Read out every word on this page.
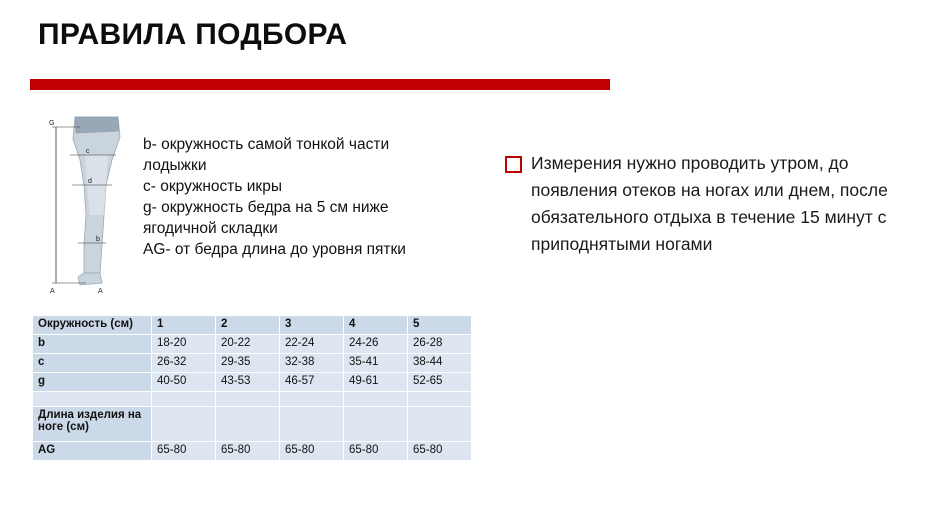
ПРАВИЛА ПОДБОРА
G
c
d
b
A	A
b- окружность самой тонкой части лодыжки
c- окружность икры
g- окружность бедра на 5 см ниже ягодичной складки
AG- от бедра длина до уровня пятки
Измерения нужно проводить утром, до появления отеков на ногах или днем, после обязательного отдыха в течение 15 минут с приподнятыми ногами
Окружность (см)	1	2	3	4	5
b	18-20	20-22	22-24	24-26	26-28
c	26-32	29-35	32-38	35-41	38-44
g	40-50	43-53	46-57	49-61	52-65

Длина изделия на ноге (см)					
AG	65-80	65-80	65-80	65-80	65-80
